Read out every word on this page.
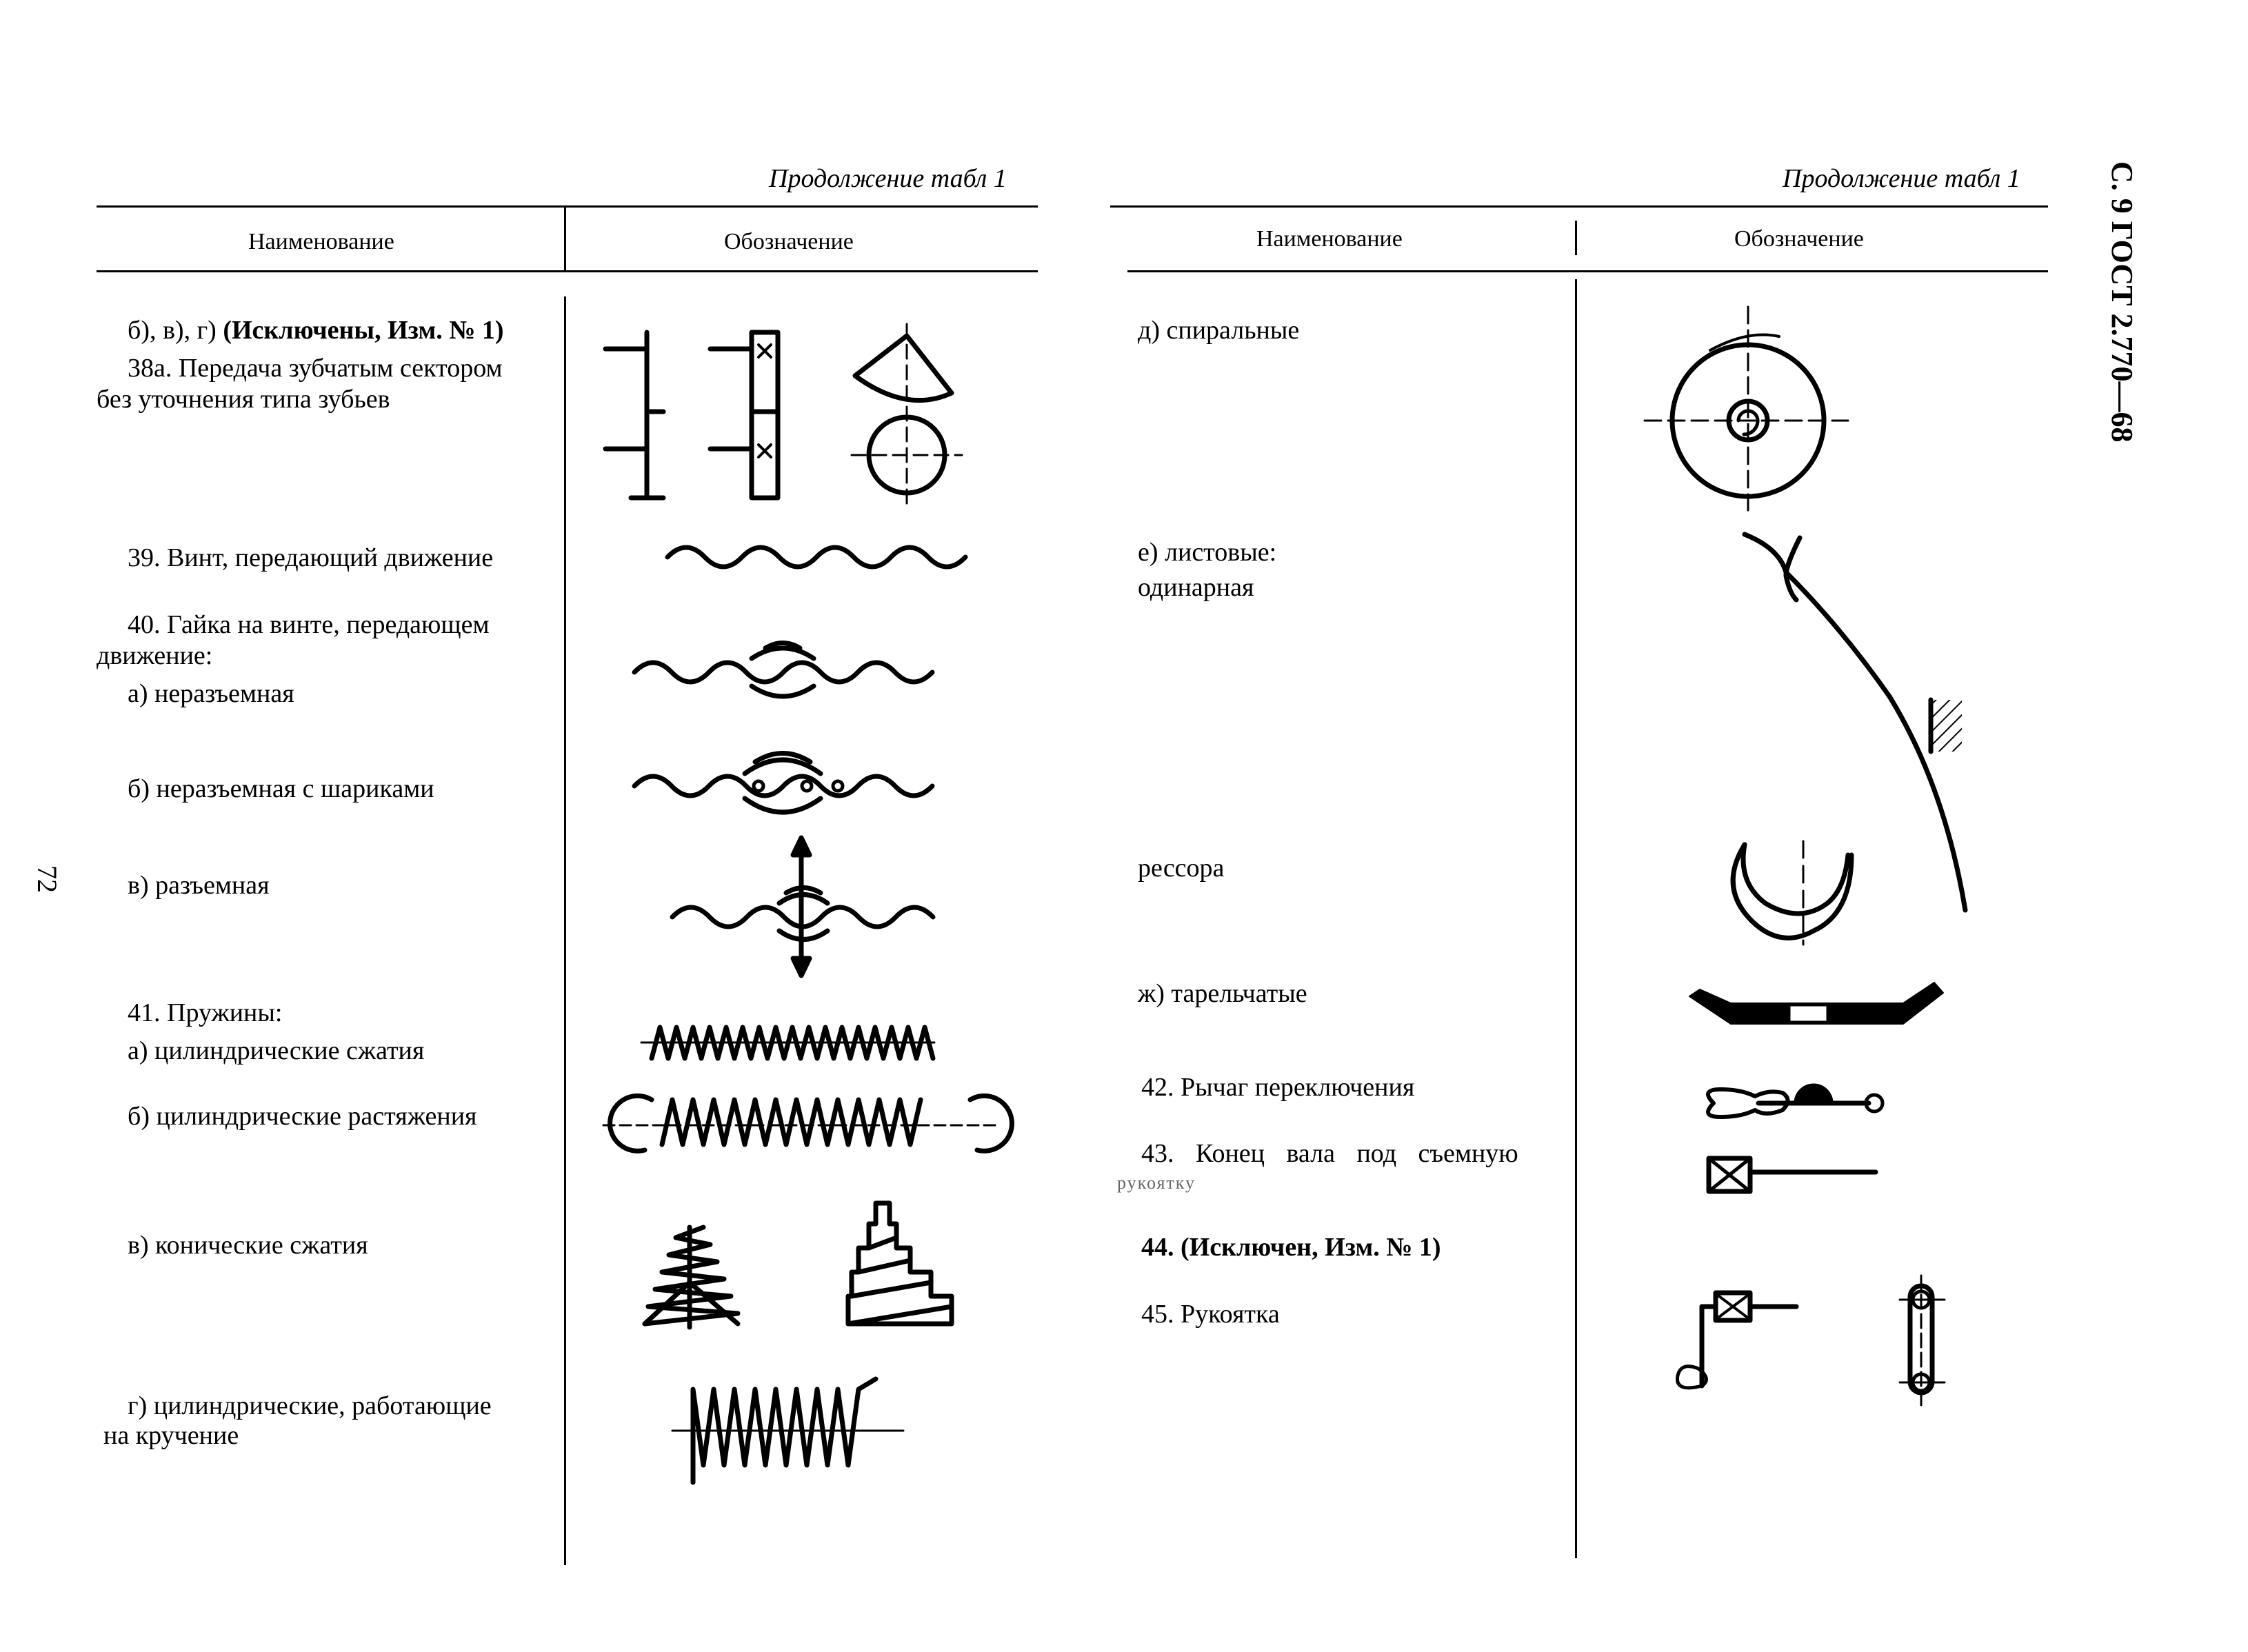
72
С. 9 ГОСТ 2.770—68
Продолжение табл 1	Продолжение табл 1
Наименование	Обозначение	Наименование	Обозначение
б), в), г) (Исключены, Изм. № 1)
38а. Передача зубчатым сектором
без уточнения типа зубьев
39. Винт, передающий движение
40. Гайка на винте, передающем
движение:
а) неразъемная
б) неразъемная с шариками
в) разъемная
41. Пружины:
а) цилиндрические сжатия
б) цилиндрические растяжения
в) конические сжатия
г) цилиндрические, работающие
на кручение
д) спиральные
е) листовые:
одинарная
рессора
ж) тарельчатые
42. Рычаг переключения
43. Конец вала под съемную
рукоятку
44. (Исключен, Изм. № 1)
45. Рукоятка
